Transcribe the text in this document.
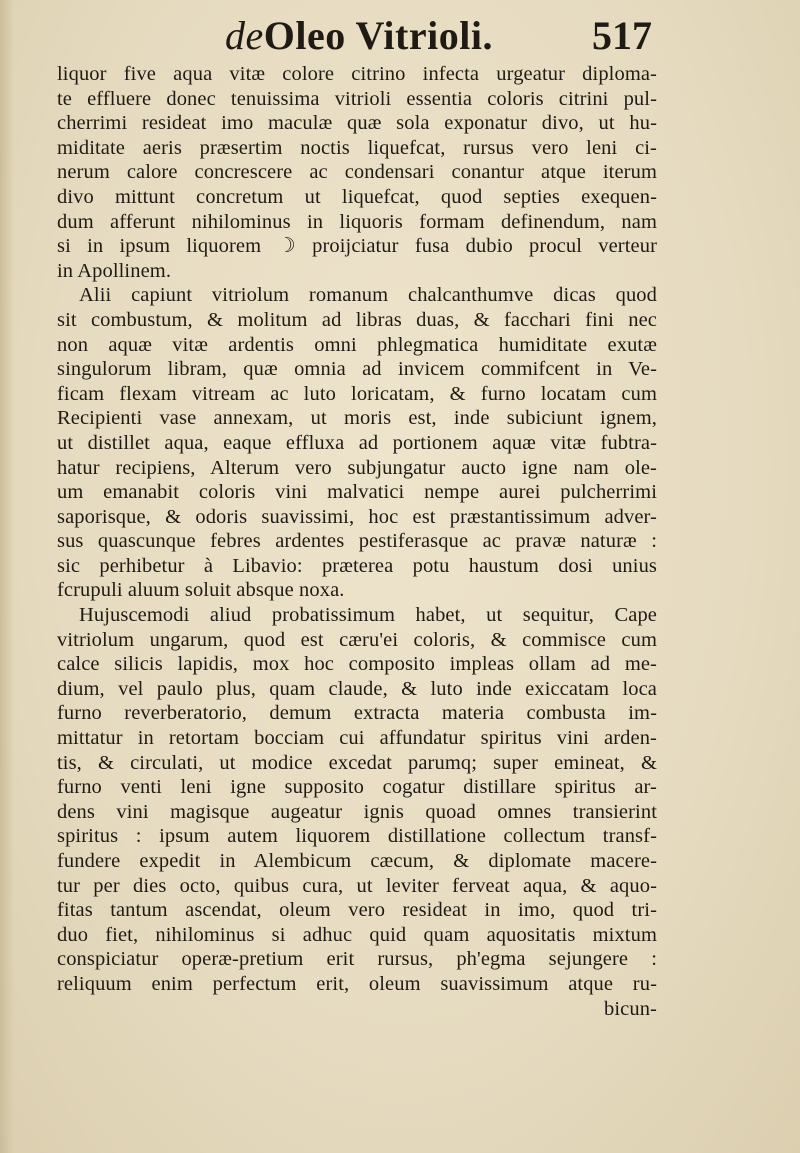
deOleo Vitrioli. 517
liquor five aqua vitæ colore citrino infecta urgeatur diploma-
te effluere donec tenuissima vitrioli essentia coloris citrini pul-
cherrimi resideat imo maculæ quæ sola exponatur divo, ut hu-
miditate aeris præsertim noctis liquefcat, rursus vero leni ci-
nerum calore concrescere ac condensari conantur atque iterum
divo mittunt concretum ut liquefcat, quod septies exequen-
dum afferunt nihilominus in liquoris formam definendum, nam
si in ipsum liquorem ☽ proijciatur fusa dubio procul verteur
in Apollinem.
Alii capiunt vitriolum romanum chalcanthumve dicas quod
sit combustum, & molitum ad libras duas, & facchari fini nec
non aquæ vitæ ardentis omni phlegmatica humiditate exutæ
singulorum libram, quæ omnia ad invicem commifcent in Ve-
ficam flexam vitream ac luto loricatam, & furno locatam cum
Recipienti vase annexam, ut moris est, inde subiciunt ignem,
ut distillet aqua, eaque effluxa ad portionem aquæ vitæ fubtra-
hatur recipiens, Alterum vero subjungatur aucto igne nam ole-
um emanabit coloris vini malvatici nempe aurei pulcherrimi
saporisque, & odoris suavissimi, hoc est præstantissimum adver-
sus quascunque febres ardentes pestiferasque ac pravæ naturæ :
sic perhibetur à Libavio: præterea potu haustum dosi unius
fcrupuli aluum soluit absque noxa.
Hujuscemodi aliud probatissimum habet, ut sequitur, Cape
vitriolum ungarum, quod est cæru'ei coloris, & commisce cum
calce silicis lapidis, mox hoc composito impleas ollam ad me-
dium, vel paulo plus, quam claude, & luto inde exiccatam loca
furno reverberatorio, demum extracta materia combusta im-
mittatur in retortam bocciam cui affundatur spiritus vini arden-
tis, & circulati, ut modice excedat parumq; super emineat, &
furno venti leni igne supposito cogatur distillare spiritus ar-
dens vini magisque augeatur ignis quoad omnes transierint
spiritus : ipsum autem liquorem distillatione collectum transf-
fundere expedit in Alembicum cæcum, & diplomate macere-
tur per dies octo, quibus cura, ut leviter ferveat aqua, & aquo-
fitas tantum ascendat, oleum vero resideat in imo, quod tri-
duo fiet, nihilominus si adhuc quid quam aquositatis mixtum
conspiciatur operæ-pretium erit rursus, ph'egma sejungere :
reliquum enim perfectum erit, oleum suavissimum atque ru-
bicun-
